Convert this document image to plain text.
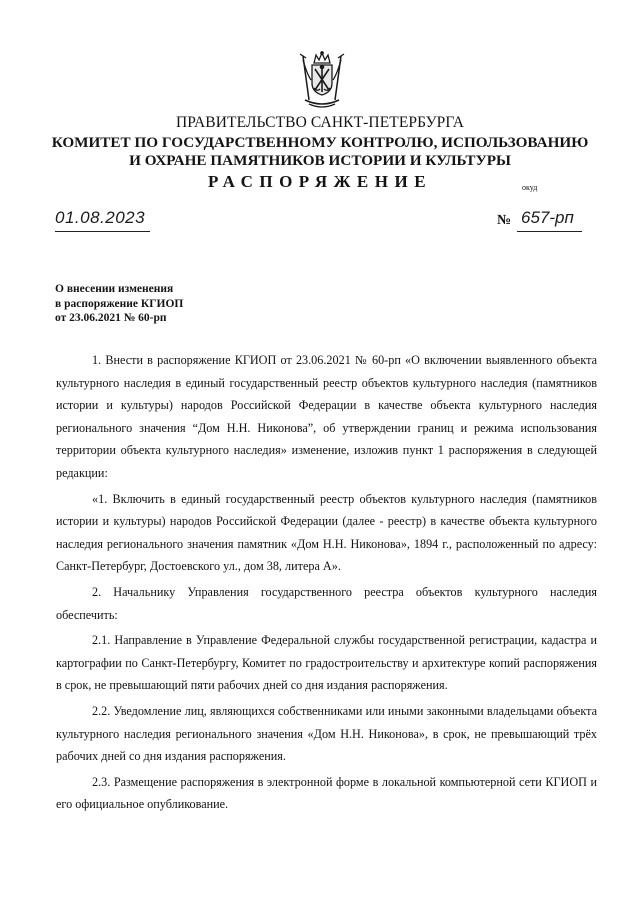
ПРАВИТЕЛЬСТВО САНКТ-ПЕТЕРБУРГА
КОМИТЕТ ПО ГОСУДАРСТВЕННОМУ КОНТРОЛЮ, ИСПОЛЬЗОВАНИЮ
И ОХРАНЕ ПАМЯТНИКОВ ИСТОРИИ И КУЛЬТУРЫ
РАСПОРЯЖЕНИЕ	окуд
01.08.2023	№ 657-рп
О внесении изменения
в распоряжение КГИОП
от 23.06.2021 № 60-рп

1. Внести в распоряжение КГИОП от 23.06.2021 № 60-рп «О включении выявленного объекта культурного наследия в единый государственный реестр объектов культурного наследия (памятников истории и культуры) народов Российской Федерации в качестве объекта культурного наследия регионального значения “Дом Н.Н. Никонова”, об утверждении границ и режима использования территории объекта культурного наследия» изменение, изложив пункт 1 распоряжения в следующей редакции:

«1. Включить в единый государственный реестр объектов культурного наследия (памятников истории и культуры) народов Российской Федерации (далее - реестр) в качестве объекта культурного наследия регионального значения памятник «Дом Н.Н. Никонова», 1894 г., расположенный по адресу: Санкт-Петербург, Достоевского ул., дом 38, литера А».

2. Начальнику Управления государственного реестра объектов культурного наследия обеспечить:

2.1. Направление в Управление Федеральной службы государственной регистрации, кадастра и картографии по Санкт-Петербургу, Комитет по градостроительству и архитектуре копий распоряжения в срок, не превышающий пяти рабочих дней со дня издания распоряжения.

2.2. Уведомление лиц, являющихся собственниками или иными законными владельцами объекта культурного наследия регионального значения «Дом Н.Н. Никонова», в срок, не превышающий трёх рабочих дней со дня издания распоряжения.

2.3. Размещение распоряжения в электронной форме в локальной компьютерной сети КГИОП и его официальное опубликование.
